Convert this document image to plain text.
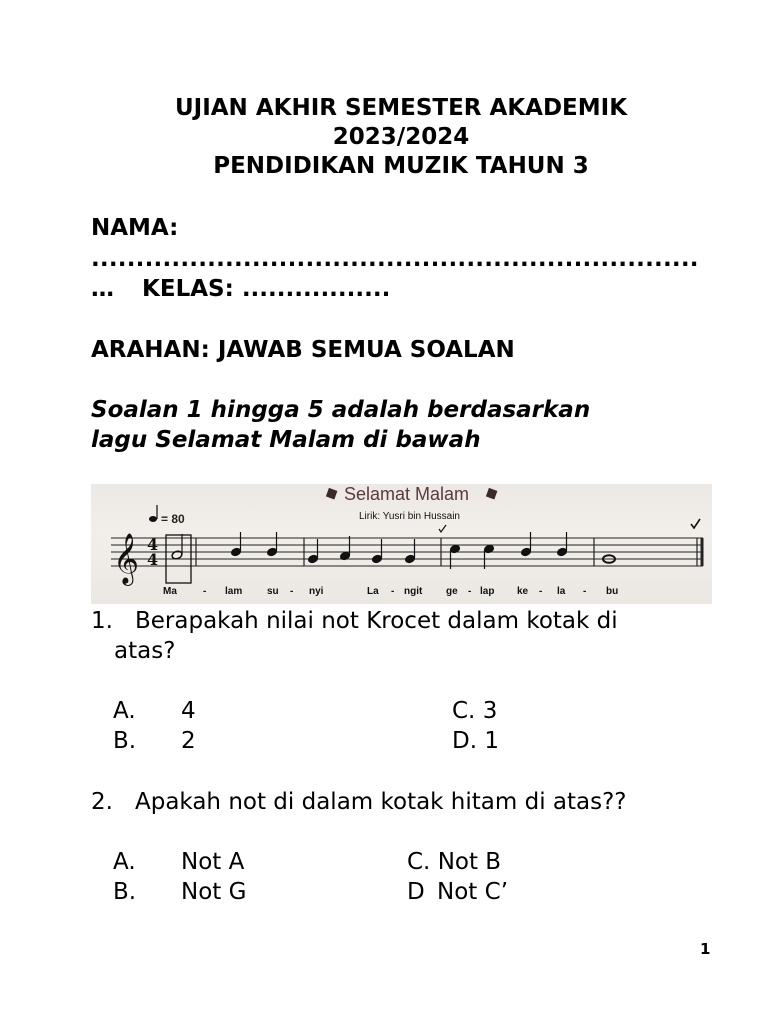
UJIAN AKHIR SEMESTER AKADEMIK
2023/2024
PENDIDIKAN MUZIK TAHUN 3
NAMA:
....................................................................
… KELAS: .................
ARAHAN: JAWAB SEMUA SOALAN
Soalan 1 hingga 5 adalah berdasarkan
lagu Selamat Malam di bawah
Selamat Malam
Lirik: Yusri bin Hussain
= 80
𝄞 4
4
Ma	- lam su - nyi	La - ngit ge - lap ke - la - bu
1. Berapakah nilai not Krocet dalam kotak di
atas?
A. 4
B. 2
C. 3
D. 1
2. Apakah not di dalam kotak hitam di atas??
A. Not A
B. Not G
C. Not B
D Not C’
1
